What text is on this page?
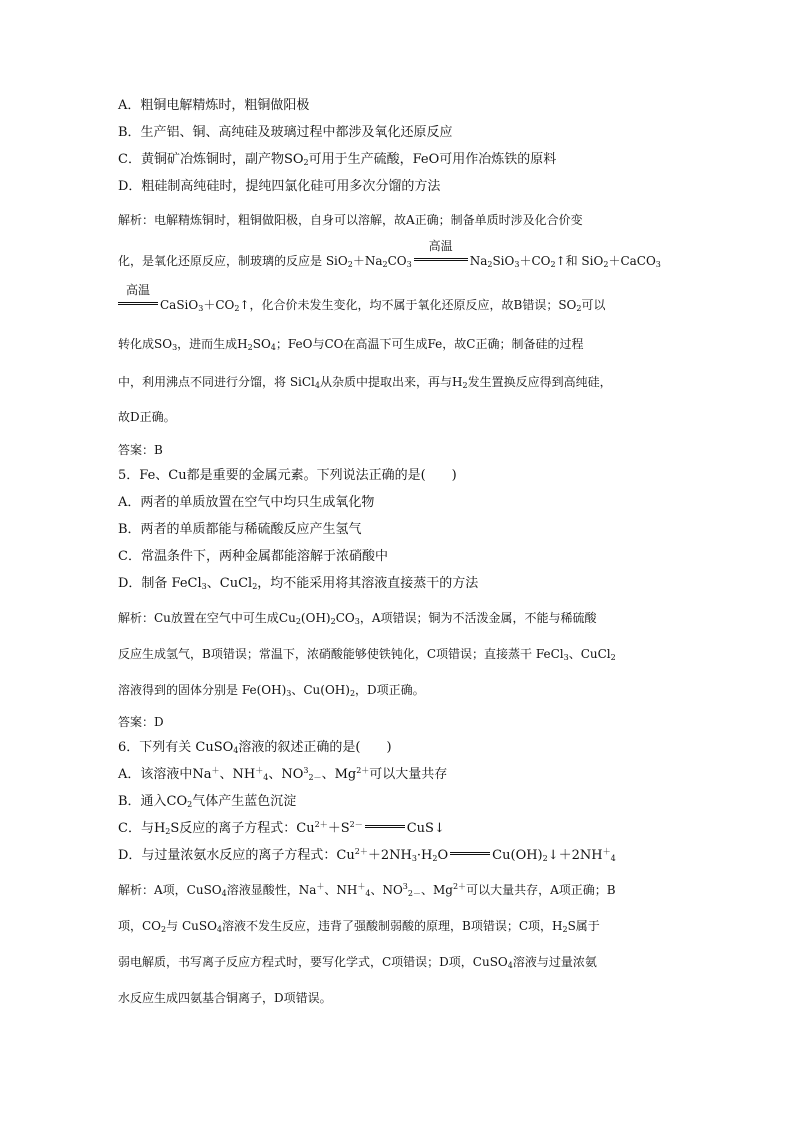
A．粗铜电解精炼时，粗铜做阳极
B．生产铝、铜、高纯硅及玻璃过程中都涉及氧化还原反应
C．黄铜矿冶炼铜时，副产物$SO_2$可用于生产硫酸，FeO可用作冶炼铁的原料
D．粗硅制高纯硅时，提纯四氯化硅可用多次分馏的方法
解析：电解精炼铜时，粗铜做阳极，自身可以溶解，故A正确；制备单质时涉及化合价变
化，是氧化还原反应，制玻璃的反应是 $SiO_2+Na_2CO_3$
高温
$Na_2SiO_3+CO_2↑$和 SiO$_2$＋CaCO$_3$
高温
$CaSiO_3+CO_2↑$，化合价未发生变化，均不属于氧化还原反应，故B错误；$SO_2$可以
转化成$SO_3$，进而生成$H_2SO_4$；FeO与CO在高温下可生成Fe，故C正确；制备硅的过程
中，利用沸点不同进行分馏，将 SiCl$_4$从杂质中提取出来，再与$H_2$发生置换反应得到高纯硅，
故D正确。
答案：B
5．Fe、Cu都是重要的金属元素。下列说法正确的是(　　)
A．两者的单质放置在空气中均只生成氧化物
B．两者的单质都能与稀硫酸反应产生氢气
C．常温条件下，两种金属都能溶解于浓硝酸中
D．制备 FeCl$_3$、CuCl$_2$，均不能采用将其溶液直接蒸干的方法
解析：Cu放置在空气中可生成$Cu_2(OH)_2CO_3$，A项错误；铜为不活泼金属，不能与稀硫酸
反应生成氢气，B项错误；常温下，浓硝酸能够使铁钝化，C项错误；直接蒸干 FeCl$_3$、CuCl$_2$
溶液得到的固体分别是 $Fe(OH)_3$、$Cu(OH)_2$，D项正确。
答案：D
6．下列有关 CuSO$_4$溶液的叙述正确的是(　　)
A．该溶液中Na＋、$NH^+_4$、$NO^3_{2-}$、$Mg^{2+}$可以大量共存
B．通入$CO_2$气体产生蓝色沉淀
C．与$H_2S$反应的离子方程式：$Cu^{2+}+S^{2-}$	CuS↓
D．与过量浓氨水反应的离子方程式：$Cu^{2+}+2NH_3\cdot H_2O$	$Cu(OH)_2↓+2NH^+_4$
解析：A项，CuSO$_4$溶液显酸性，Na＋、$NH^+_4$、$NO^3_{2-}$、$Mg^{2+}$可以大量共存，A项正确；B
项，$CO_2$与 CuSO$_4$溶液不发生反应，违背了强酸制弱酸的原理，B项错误；C项，$H_2S$属于
弱电解质，书写离子反应方程式时，要写化学式，C项错误；D项，CuSO$_4$溶液与过量浓氨
水反应生成四氨基合铜离子，D项错误。
